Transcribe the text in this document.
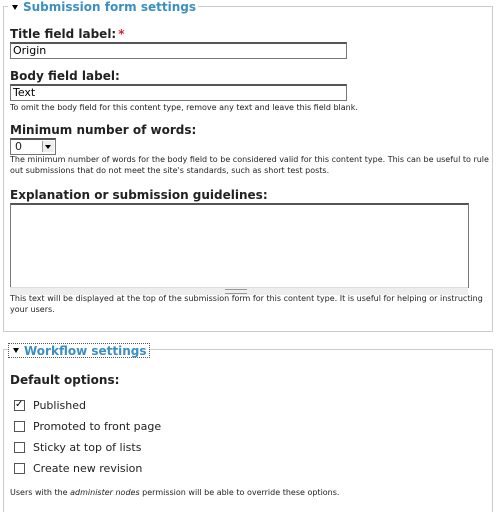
Submission form settings
Title field label: *
Origin
Body field label:
Text
To omit the body field for this content type, remove any text and leave this field blank.
Minimum number of words:
0
The minimum number of words for the body field to be considered valid for this content type. This can be useful to rule out submissions that do not meet the site's standards, such as short test posts.
Explanation or submission guidelines:
This text will be displayed at the top of the submission form for this content type. It is useful for helping or instructing your users.
Workflow settings
Default options:
✓
Published
Promoted to front page
Sticky at top of lists
Create new revision
Users with the administer nodes permission will be able to override these options.
